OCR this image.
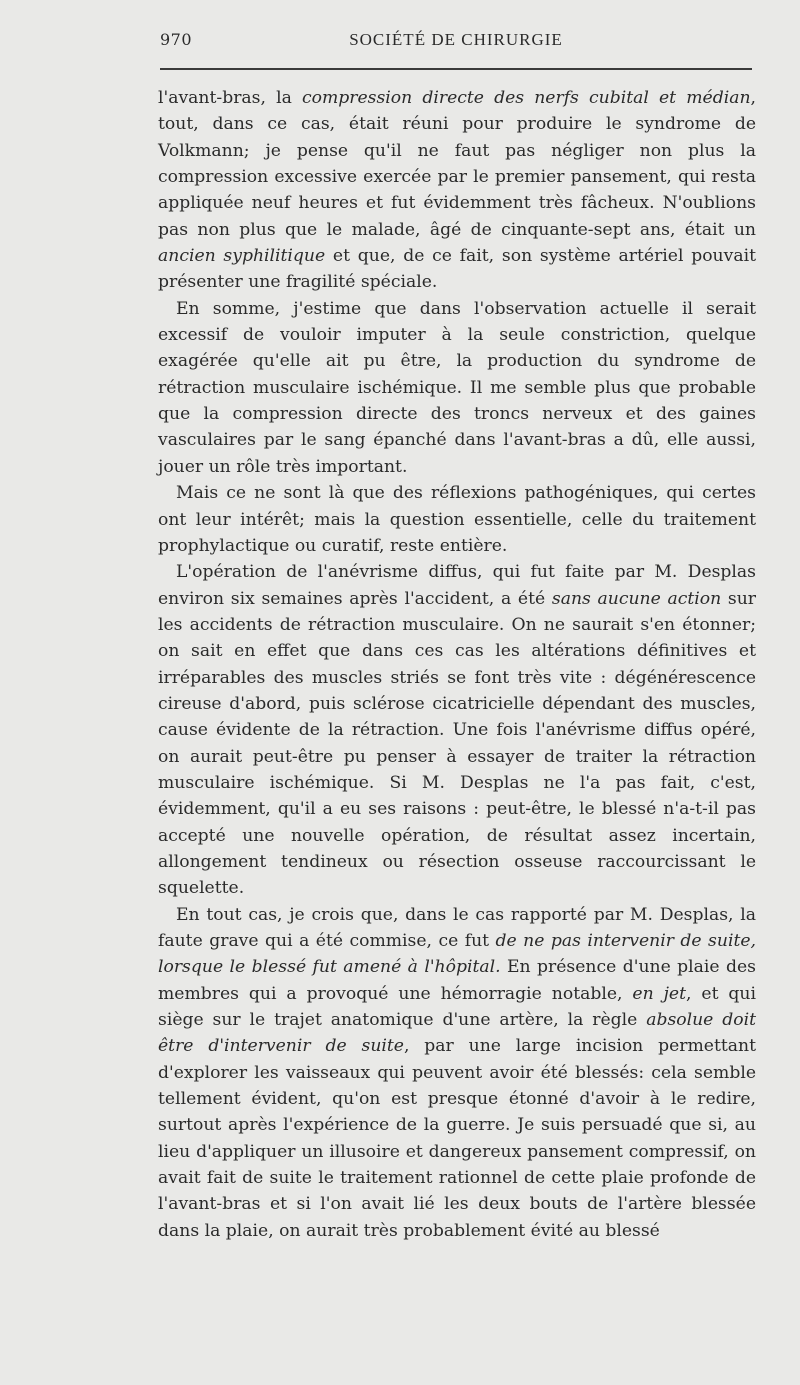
970	SOCIÉTÉ DE CHIRURGIE

l'avant-bras, la compression directe des nerfs cubital et médian, tout, dans ce cas, était réuni pour produire le syndrome de Volkmann; je pense qu'il ne faut pas négliger non plus la compression excessive exercée par le premier pansement, qui resta appliquée neuf heures et fut évidemment très fâcheux. N'oublions pas non plus que le malade, âgé de cinquante-sept ans, était un ancien syphilitique et que, de ce fait, son système artériel pouvait présenter une fragilité spéciale.

En somme, j'estime que dans l'observation actuelle il serait excessif de vouloir imputer à la seule constriction, quelque exagérée qu'elle ait pu être, la production du syndrome de rétraction musculaire ischémique. Il me semble plus que probable que la compression directe des troncs nerveux et des gaines vasculaires par le sang épanché dans l'avant-bras a dû, elle aussi, jouer un rôle très important.

Mais ce ne sont là que des réflexions pathogéniques, qui certes ont leur intérêt; mais la question essentielle, celle du traitement prophylactique ou curatif, reste entière.

L'opération de l'anévrisme diffus, qui fut faite par M. Desplas environ six semaines après l'accident, a été sans aucune action sur les accidents de rétraction musculaire. On ne saurait s'en étonner; on sait en effet que dans ces cas les altérations définitives et irréparables des muscles striés se font très vite : dégénérescence cireuse d'abord, puis sclérose cicatricielle dépendant des muscles, cause évidente de la rétraction. Une fois l'anévrisme diffus opéré, on aurait peut-être pu penser à essayer de traiter la rétraction musculaire ischémique. Si M. Desplas ne l'a pas fait, c'est, évidemment, qu'il a eu ses raisons : peut-être, le blessé n'a-t-il pas accepté une nouvelle opération, de résultat assez incertain, allongement tendineux ou résection osseuse raccourcissant le squelette.

En tout cas, je crois que, dans le cas rapporté par M. Desplas, la faute grave qui a été commise, ce fut de ne pas intervenir de suite, lorsque le blessé fut amené à l'hôpital. En présence d'une plaie des membres qui a provoqué une hémorragie notable, en jet, et qui siège sur le trajet anatomique d'une artère, la règle absolue doit être d'intervenir de suite, par une large incision permettant d'explorer les vaisseaux qui peuvent avoir été blessés: cela semble tellement évident, qu'on est presque étonné d'avoir à le redire, surtout après l'expérience de la guerre. Je suis persuadé que si, au lieu d'appliquer un illusoire et dangereux pansement compressif, on avait fait de suite le traitement rationnel de cette plaie profonde de l'avant-bras et si l'on avait lié les deux bouts de l'artère blessée dans la plaie, on aurait très probablement évité au blessé
